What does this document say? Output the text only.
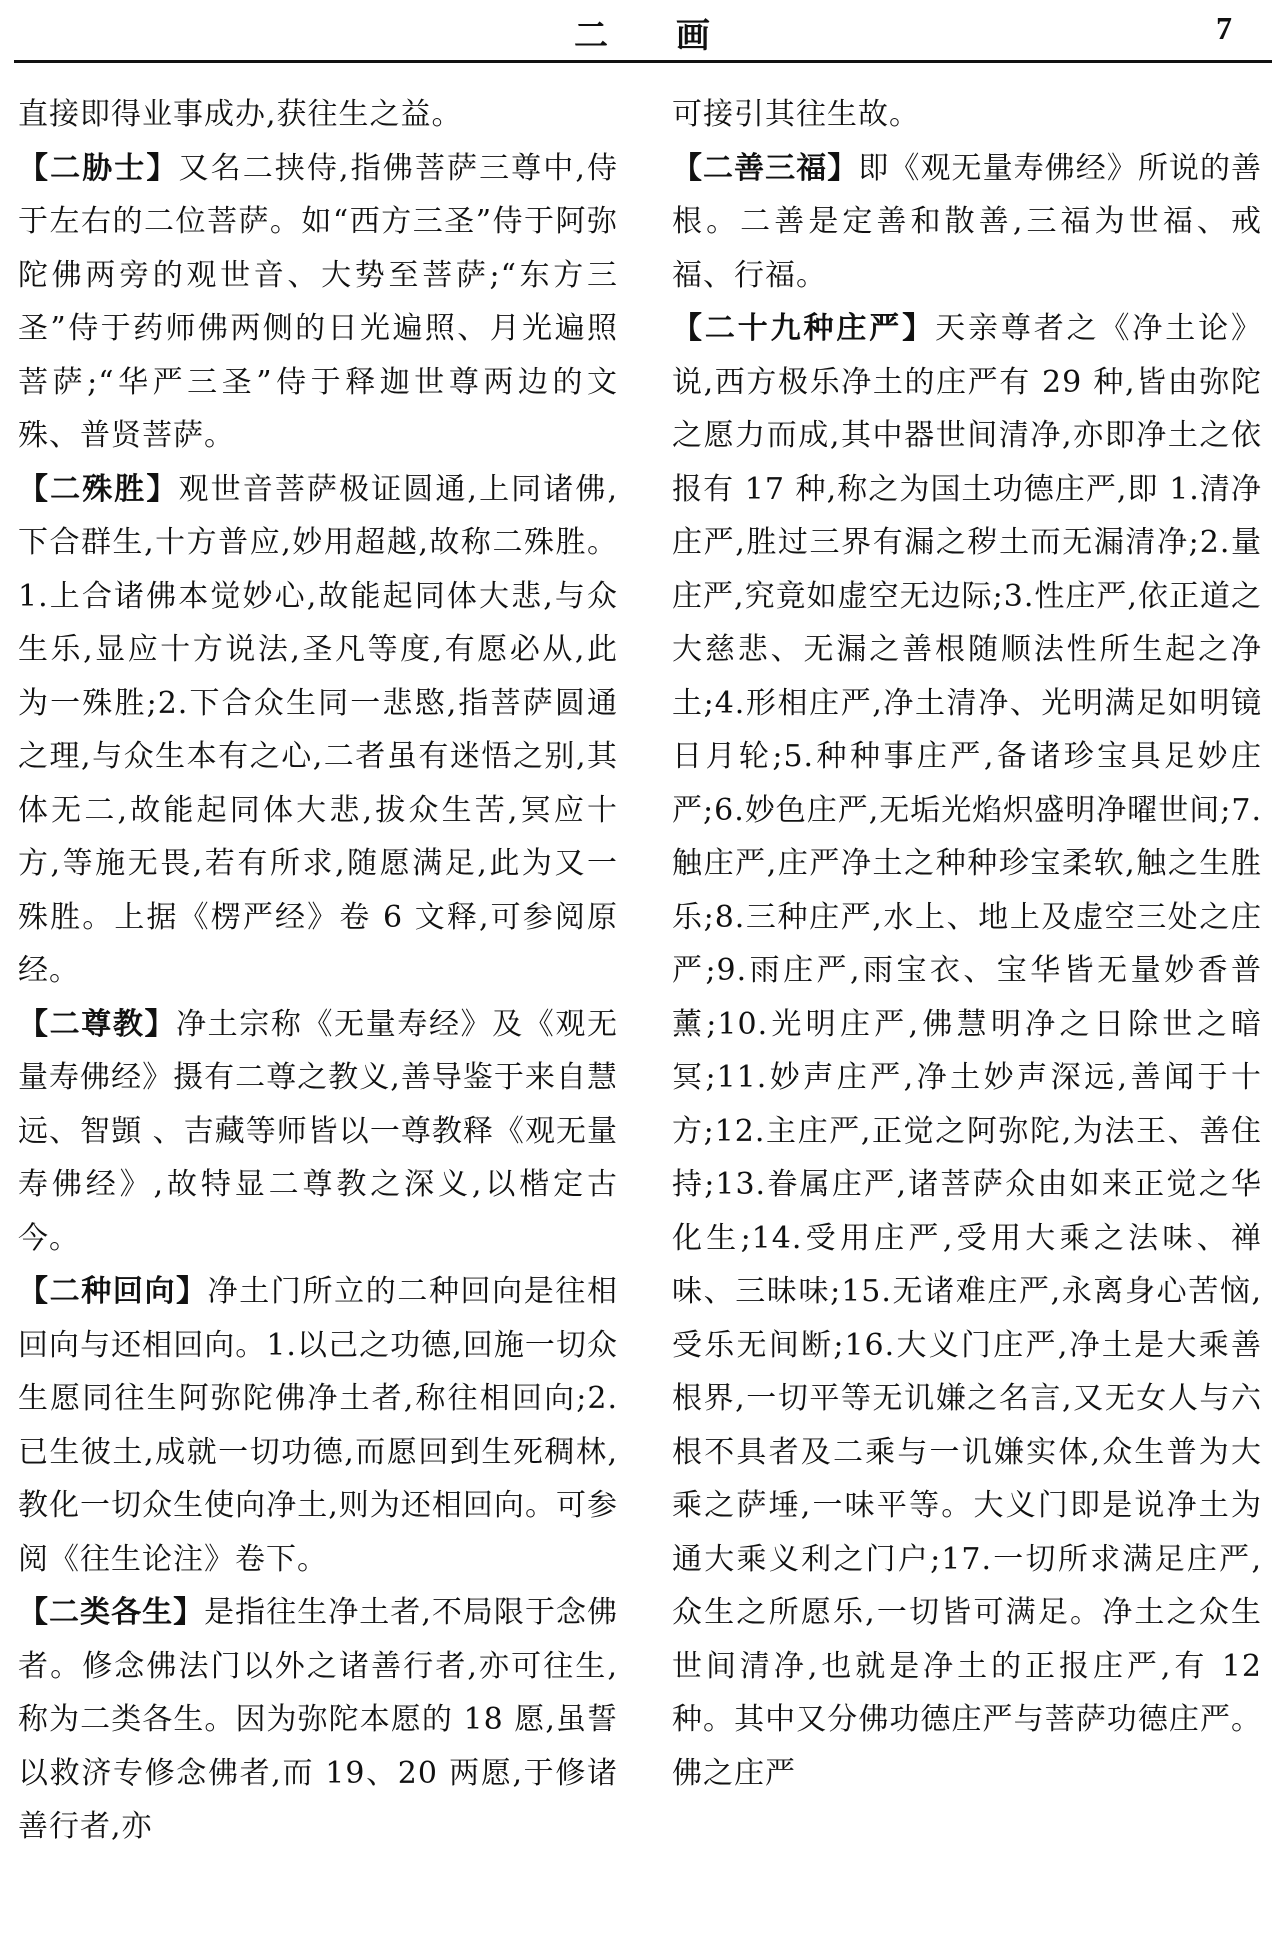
二 画	7

直接即得业事成办,获往生之益。

【二胁士】又名二挟侍,指佛菩萨三尊中,侍于左右的二位菩萨。如“西方三圣”侍于阿弥陀佛两旁的观世音、大势至菩萨;“东方三圣”侍于药师佛两侧的日光遍照、月光遍照菩萨;“华严三圣”侍于释迦世尊两边的文殊、普贤菩萨。

【二殊胜】观世音菩萨极证圆通,上同诸佛,下合群生,十方普应,妙用超越,故称二殊胜。1.上合诸佛本觉妙心,故能起同体大悲,与众生乐,显应十方说法,圣凡等度,有愿必从,此为一殊胜;2.下合众生同一悲愍,指菩萨圆通之理,与众生本有之心,二者虽有迷悟之别,其体无二,故能起同体大悲,拔众生苦,冥应十方,等施无畏,若有所求,随愿满足,此为又一殊胜。上据《楞严经》卷 6 文释,可参阅原经。

【二尊教】净土宗称《无量寿经》及《观无量寿佛经》摄有二尊之教义,善导鉴于来自慧远、智顗 、吉藏等师皆以一尊教释《观无量寿佛经》,故特显二尊教之深义,以楷定古今。

【二种回向】净土门所立的二种回向是往相回向与还相回向。1.以己之功德,回施一切众生愿同往生阿弥陀佛净土者,称往相回向;2.已生彼土,成就一切功德,而愿回到生死稠林,教化一切众生使向净土,则为还相回向。可参阅《往生论注》卷下。

【二类各生】是指往生净土者,不局限于念佛者。修念佛法门以外之诸善行者,亦可往生,称为二类各生。因为弥陀本愿的 18 愿,虽誓以救济专修念佛者,而 19、20 两愿,于修诸善行者,亦

可接引其往生故。

【二善三福】即《观无量寿佛经》所说的善根。二善是定善和散善,三福为世福、戒福、行福。

【二十九种庄严】天亲尊者之《净土论》说,西方极乐净土的庄严有 29 种,皆由弥陀之愿力而成,其中器世间清净,亦即净土之依报有 17 种,称之为国土功德庄严,即 1.清净庄严,胜过三界有漏之秽土而无漏清净;2.量庄严,究竟如虚空无边际;3.性庄严,依正道之大慈悲、无漏之善根随顺法性所生起之净土;4.形相庄严,净土清净、光明满足如明镜日月轮;5.种种事庄严,备诸珍宝具足妙庄严;6.妙色庄严,无垢光焰炽盛明净曜世间;7.触庄严,庄严净土之种种珍宝柔软,触之生胜乐;8.三种庄严,水上、地上及虚空三处之庄严;9.雨庄严,雨宝衣、宝华皆无量妙香普薰;10.光明庄严,佛慧明净之日除世之暗冥;11.妙声庄严,净土妙声深远,善闻于十方;12.主庄严,正觉之阿弥陀,为法王、善住持;13.眷属庄严,诸菩萨众由如来正觉之华化生;14.受用庄严,受用大乘之法味、禅味、三昧味;15.无诸难庄严,永离身心苦恼,受乐无间断;16.大义门庄严,净土是大乘善根界,一切平等无讥嫌之名言,又无女人与六根不具者及二乘与一讥嫌实体,众生普为大乘之萨埵,一味平等。大义门即是说净土为通大乘义利之门户;17.一切所求满足庄严,众生之所愿乐,一切皆可满足。净土之众生世间清净,也就是净土的正报庄严,有 12 种。其中又分佛功德庄严与菩萨功德庄严。佛之庄严
